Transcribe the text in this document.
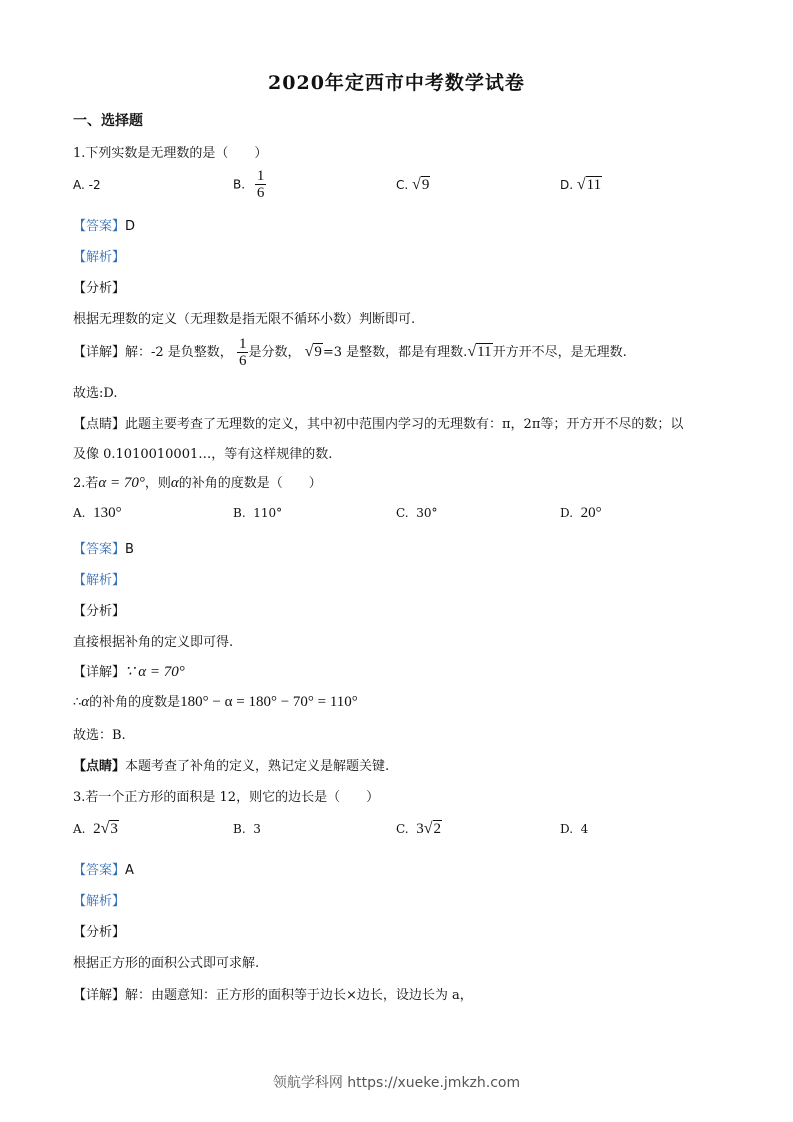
2020年定西市中考数学试卷
一、选择题
1.下列实数是无理数的是（　　）
A. -2	B. $\frac{1}{6}$	C. √9	D. √11
【答案】D
【解析】
【分析】
根据无理数的定义（无理数是指无限不循环小数）判断即可.
【详解】解：-2 是负整数， $\frac{1}{6}$ 是分数， √9=3 是整数，都是有理数.√11开方开不尽，是无理数.
故选:D.
【点睛】此题主要考查了无理数的定义，其中初中范围内学习的无理数有：π，2π等；开方开不尽的数；以
及像 0.1010010001…，等有这样规律的数.
2.若α = 70°，则α的补角的度数是（　　）
A. 130°	B. 110°	C. 30°	D. 20°
【答案】B
【解析】
【分析】
直接根据补角的定义即可得.
【详解】∵ α = 70°
∴α的补角的度数是180° − α = 180° − 70° = 110°
故选：B.
【点睛】本题考查了补角的定义，熟记定义是解题关键.
3.若一个正方形的面积是 12，则它的边长是（　　）
A. 2√3	B. 3	C. 3√2	D. 4
【答案】A
【解析】
【分析】
根据正方形的面积公式即可求解.
【详解】解：由题意知：正方形的面积等于边长×边长，设边长为 a，
领航学科网 https://xueke.jmkzh.com
